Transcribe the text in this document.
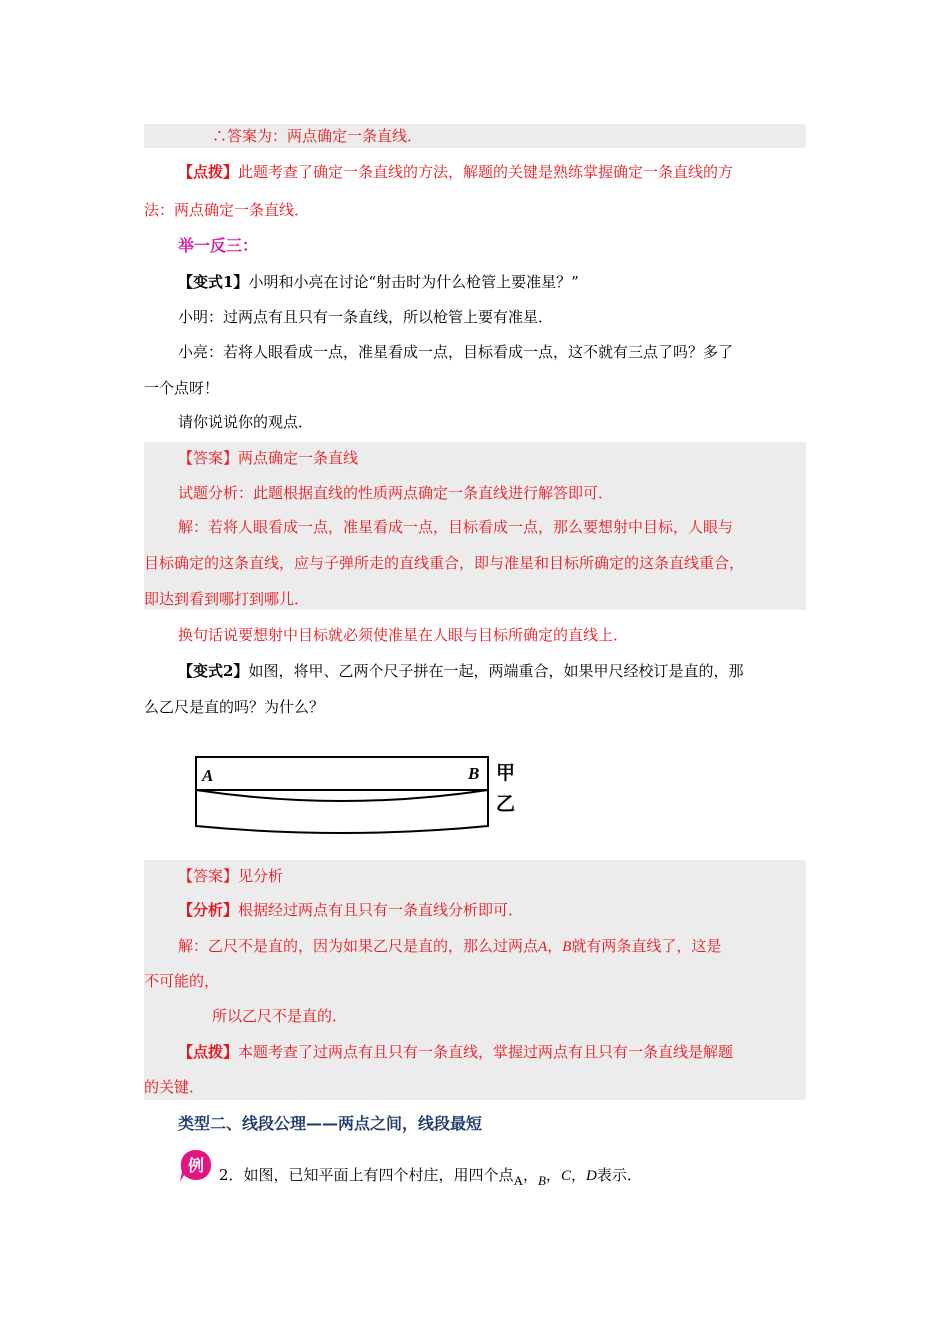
∴答案为：两点确定一条直线．
【点拨】此题考查了确定一条直线的方法，解题的关键是熟练掌握确定一条直线的方
法：两点确定一条直线．
举一反三：
【变式1】小明和小亮在讨论“射击时为什么枪管上要准星？”
小明：过两点有且只有一条直线，所以枪管上要有准星．
小亮：若将人眼看成一点，准星看成一点，目标看成一点，这不就有三点了吗？多了
一个点呀！
请你说说你的观点．
【答案】两点确定一条直线
试题分析：此题根据直线的性质两点确定一条直线进行解答即可．
解：若将人眼看成一点，准星看成一点，目标看成一点，那么要想射中目标，人眼与
目标确定的这条直线，应与子弹所走的直线重合，即与准星和目标所确定的这条直线重合，
即达到看到哪打到哪儿．
换句话说要想射中目标就必须使准星在人眼与目标所确定的直线上．
【变式2】如图，将甲、乙两个尺子拼在一起，两端重合，如果甲尺经校订是直的，那
么乙尺是直的吗？为什么？
A	B 甲
乙
【答案】见分析
【分析】根据经过两点有且只有一条直线分析即可．
解：乙尺不是直的，因为如果乙尺是直的，那么过两点A，B就有两条直线了，这是
不可能的，
所以乙尺不是直的．
【点拨】本题考查了过两点有且只有一条直线，掌握过两点有且只有一条直线是解题
的关键．
类型二、线段公理——两点之间，线段最短
例 2．如图，已知平面上有四个村庄，用四个点A，B，C，D表示．
